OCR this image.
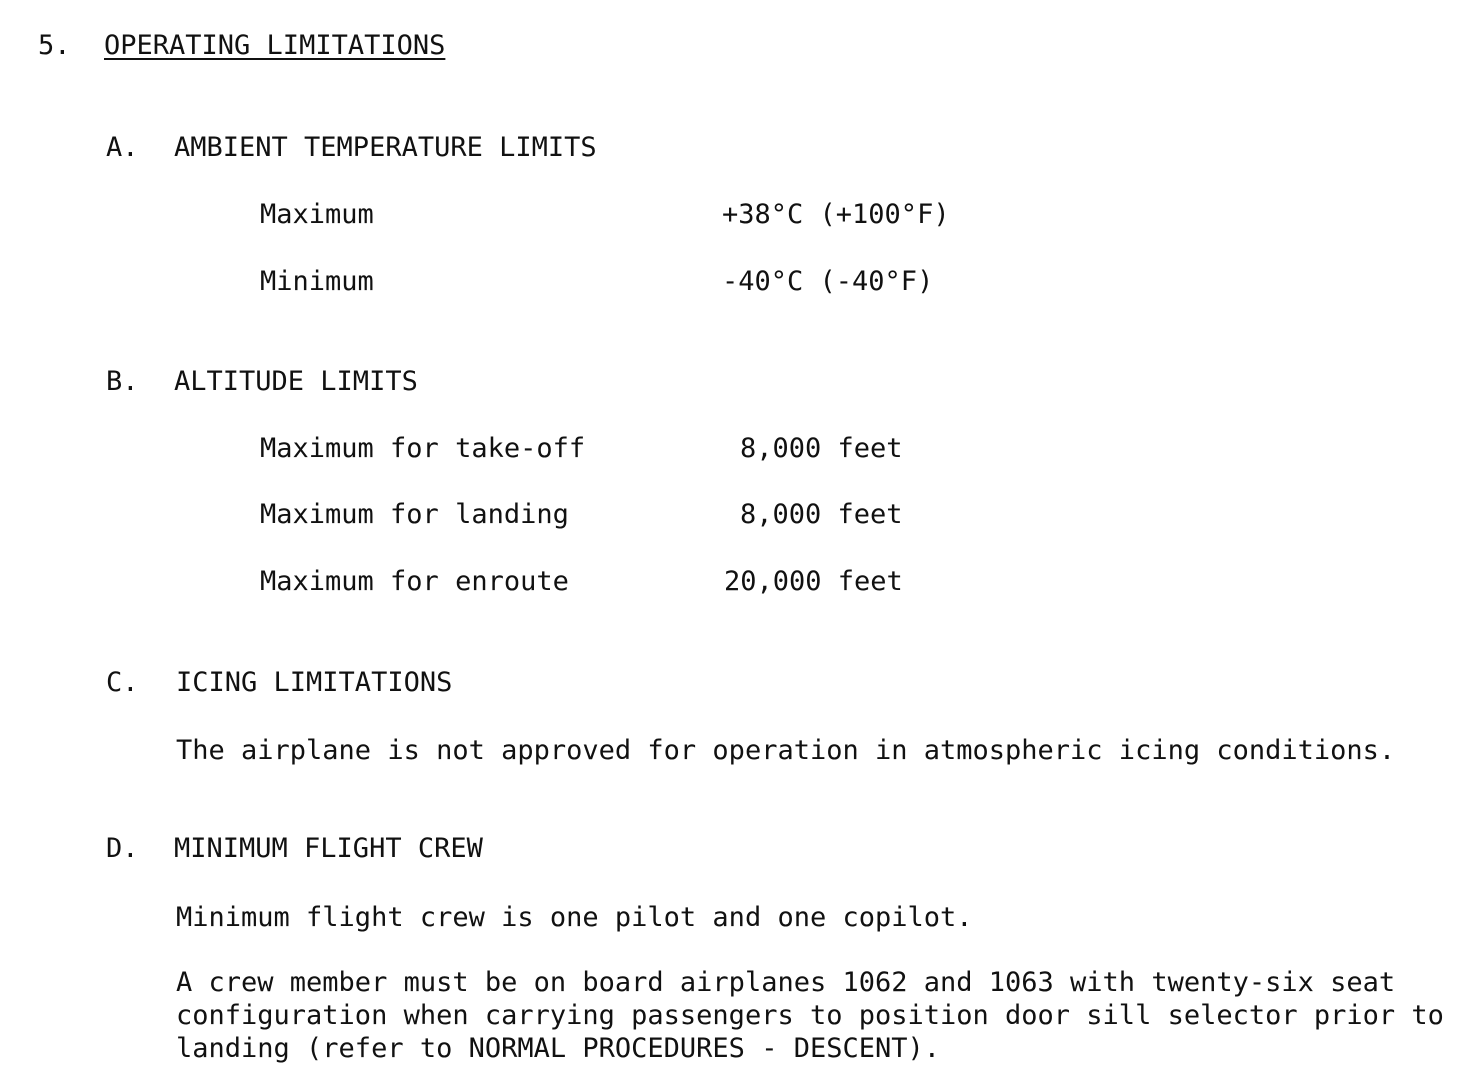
5. OPERATING LIMITATIONS
A. AMBIENT TEMPERATURE LIMITS
Maximum	+38°C (+100°F)
Minimum	-40°C (-40°F)
B. ALTITUDE LIMITS
Maximum for take-off	8,000 feet
Maximum for landing	8,000 feet
Maximum for enroute	20,000 feet
C. ICING LIMITATIONS
The airplane is not approved for operation in atmospheric icing conditions.
D. MINIMUM FLIGHT CREW
Minimum flight crew is one pilot and one copilot.
A crew member must be on board airplanes 1062 and 1063 with twenty-six seat configuration when carrying passengers to position door sill selector prior to landing (refer to NORMAL PROCEDURES - DESCENT).
